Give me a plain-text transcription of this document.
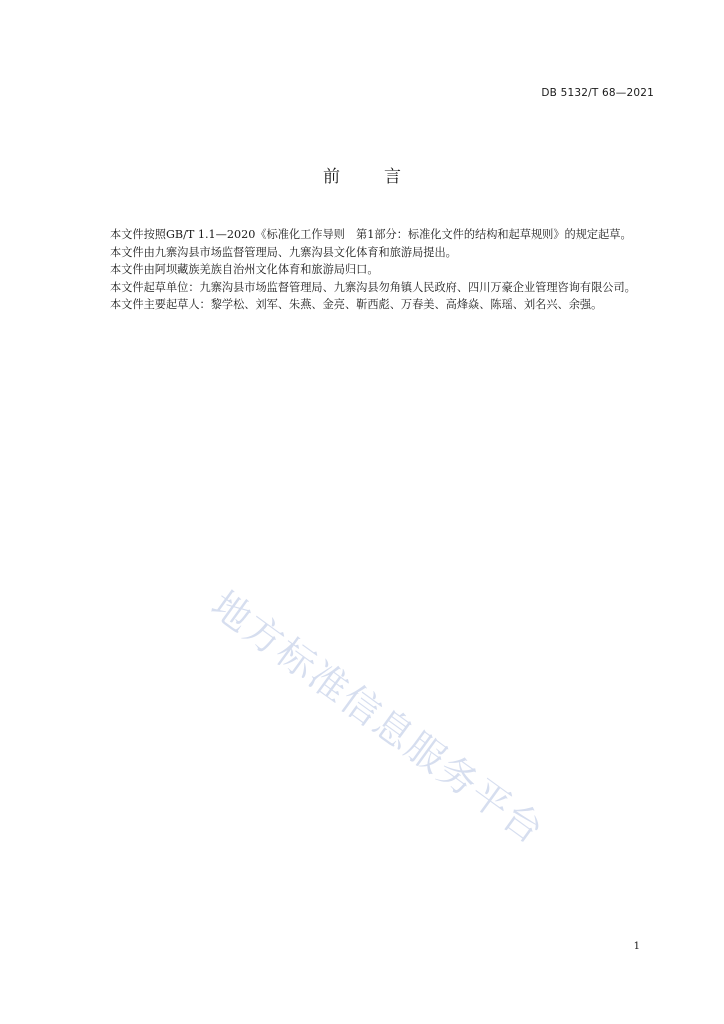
DB 5132/T 68—2021
前	言

本文件按照GB/T 1.1—2020《标准化工作导则　第1部分：标准化文件的结构和起草规则》的规定起草。

本文件由九寨沟县市场监督管理局、九寨沟县文化体育和旅游局提出。

本文件由阿坝藏族羌族自治州文化体育和旅游局归口。

本文件起草单位：九寨沟县市场监督管理局、九寨沟县勿角镇人民政府、四川万豪企业管理咨询有限公司。

本文件主要起草人：黎学松、刘军、朱燕、金亮、靳西彪、万春美、高烽焱、陈瑶、刘名兴、余强。

地方标准信息服务平台
1
